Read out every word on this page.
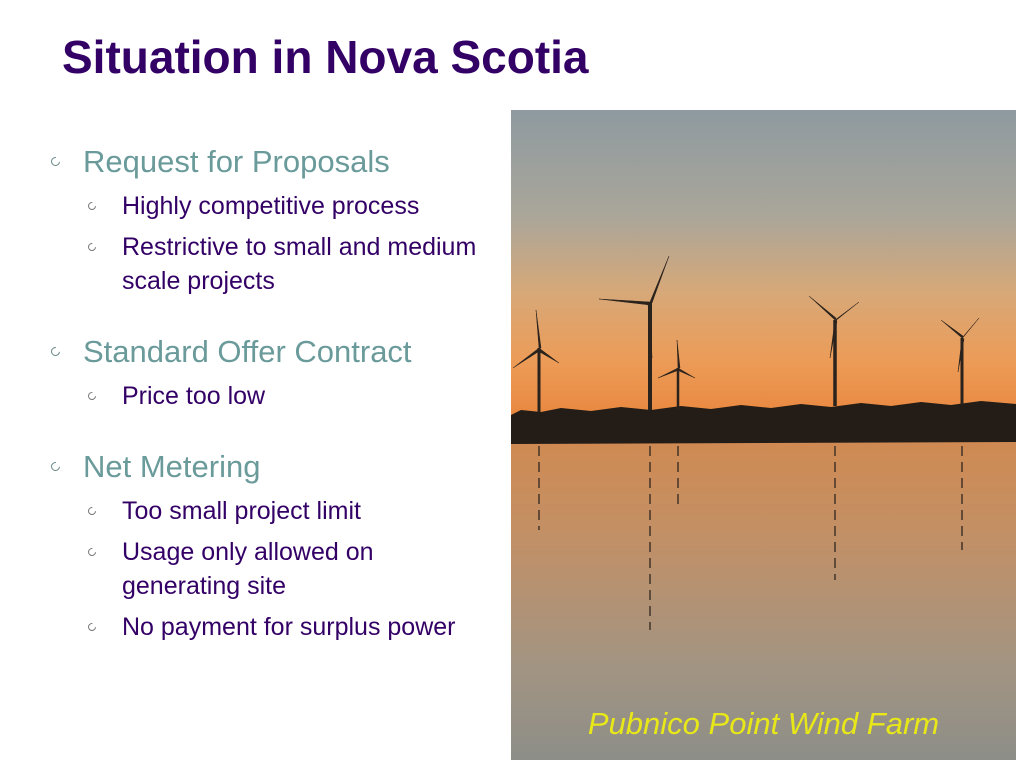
Situation in Nova Scotia
Request for Proposals
Highly competitive process
Restrictive to small and medium scale projects
Standard Offer Contract
Price too low
Net Metering
Too small project limit
Usage only allowed on generating site
No payment for surplus power
Pubnico Point Wind Farm
